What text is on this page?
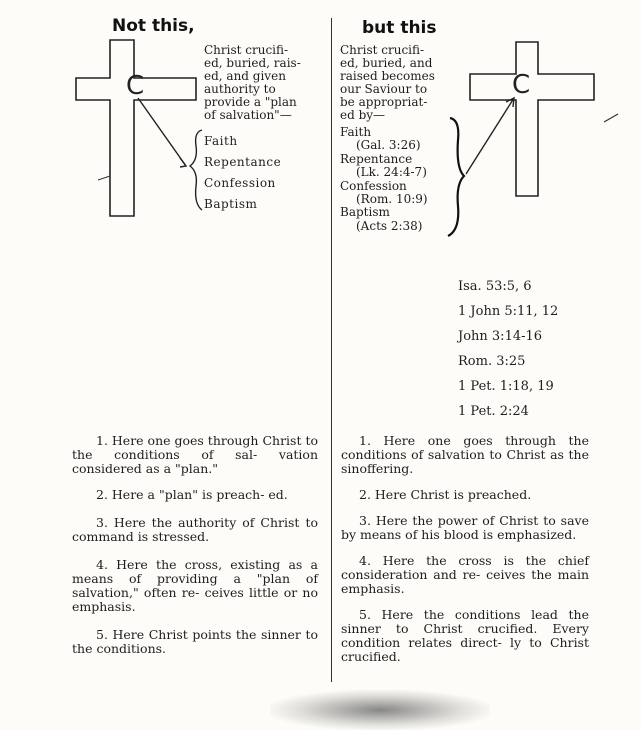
Not this,	but this
C	C
Christ crucifi-
ed, buried, rais-
ed, and given
authority to
provide a "plan
of salvation"—
Faith
Repentance
Confession
Baptism
Christ crucifi-
ed, buried, and
raised becomes
our Saviour to
be appropriat-
ed by—
Faith
(Gal. 3:26)
Repentance
(Lk. 24:4-7)
Confession
(Rom. 10:9)
Baptism
(Acts 2:38)
Isa. 53:5, 6
1 John 5:11, 12
John 3:14-16
Rom. 3:25
1 Pet. 1:18, 19
1 Pet. 2:24

1. Here one goes through Christ to the conditions of sal- vation considered as a "plan."

2. Here a "plan" is preach- ed.

3. Here the authority of Christ to command is stressed.

4. Here the cross, existing as a means of providing a "plan of salvation," often re- ceives little or no emphasis.

5. Here Christ points the sinner to the conditions.

1. Here one goes through the conditions of salvation to Christ as the sinoffering.

2. Here Christ is preached.

3. Here the power of Christ to save by means of his blood is emphasized.

4. Here the cross is the chief consideration and re- ceives the main emphasis.

5. Here the conditions lead the sinner to Christ crucified. Every condition relates direct- ly to Christ crucified.
